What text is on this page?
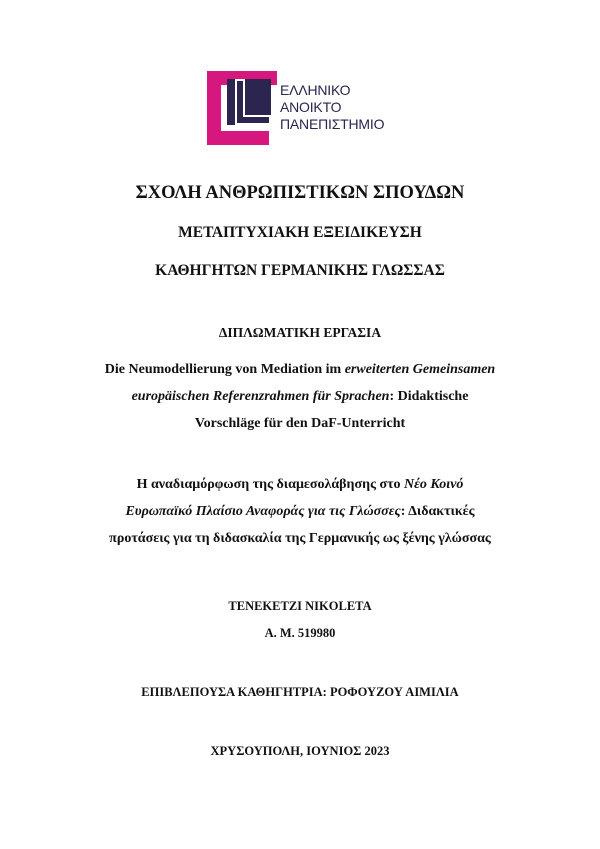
ΕΛΛΗΝΙΚΟ
ΑΝΟΙΚΤΟ
ΠΑΝΕΠΙΣΤΗΜΙΟ
ΣΧΟΛΗ ΑΝΘΡΩΠΙΣΤΙΚΩΝ ΣΠΟΥΔΩΝ
ΜΕΤΑΠΤΥΧΙΑΚΗ ΕΞΕΙΔΙΚΕΥΣΗ
ΚΑΘΗΓΗΤΩΝ ΓΕΡΜΑΝΙΚΗΣ ΓΛΩΣΣΑΣ
ΔΙΠΛΩΜΑΤΙΚΗ ΕΡΓΑΣΙΑ
Die Neumodellierung von Mediation im erweiterten Gemeinsamen
europäischen Referenzrahmen für Sprachen: Didaktische
Vorschläge für den DaF-Unterricht
Η αναδιαμόρφωση της διαμεσολάβησης στο Νέο Κοινό
Ευρωπαϊκό Πλαίσιο Αναφοράς για τις Γλώσσες: Διδακτικές
προτάσεις για τη διδασκαλία της Γερμανικής ως ξένης γλώσσας
TENEKETZI NIKOLETA
A. M. 519980
ΕΠΙΒΛΕΠΟΥΣΑ ΚΑΘΗΓΗΤΡΙΑ: ΡΟΦΟΥΖΟΥ ΑΙΜΙΛΙΑ
ΧΡΥΣΟΥΠΟΛΗ, ΙΟΥΝΙΟΣ 2023
